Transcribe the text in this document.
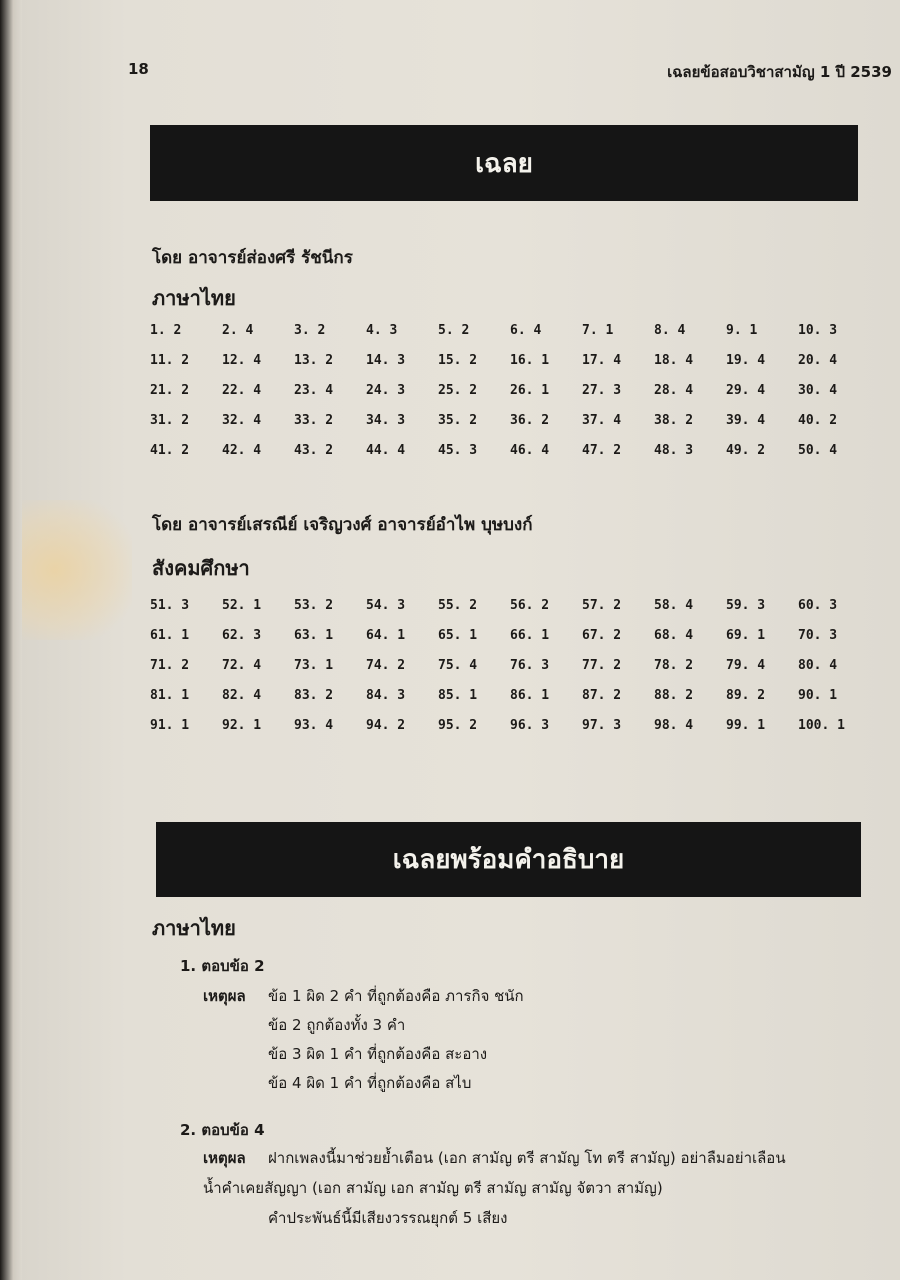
18	เฉลยข้อสอบวิชาสามัญ 1 ปี 2539
เฉลย
โดย อาจารย์ส่องศรี รัชนีกร
ภาษาไทย
1. 2	2. 4	3. 2	4. 3	5. 2	6. 4	7. 1	8. 4	9. 1	10. 3
11. 2	12. 4	13. 2	14. 3	15. 2	16. 1	17. 4	18. 4	19. 4	20. 4
21. 2	22. 4	23. 4	24. 3	25. 2	26. 1	27. 3	28. 4	29. 4	30. 4
31. 2	32. 4	33. 2	34. 3	35. 2	36. 2	37. 4	38. 2	39. 4	40. 2
41. 2	42. 4	43. 2	44. 4	45. 3	46. 4	47. 2	48. 3	49. 2	50. 4
โดย อาจารย์เสรณีย์ เจริญวงศ์ อาจารย์อำไพ บุษบงก์
สังคมศึกษา
51. 3	52. 1	53. 2	54. 3	55. 2	56. 2	57. 2	58. 4	59. 3	60. 3
61. 1	62. 3	63. 1	64. 1	65. 1	66. 1	67. 2	68. 4	69. 1	70. 3
71. 2	72. 4	73. 1	74. 2	75. 4	76. 3	77. 2	78. 2	79. 4	80. 4
81. 1	82. 4	83. 2	84. 3	85. 1	86. 1	87. 2	88. 2	89. 2	90. 1
91. 1	92. 1	93. 4	94. 2	95. 2	96. 3	97. 3	98. 4	99. 1	100. 1
เฉลยพร้อมคำอธิบาย
ภาษาไทย
1. ตอบข้อ 2
เหตุผล ข้อ 1 ผิด 2 คำ ที่ถูกต้องคือ ภารกิจ ชนัก
ข้อ 2 ถูกต้องทั้ง 3 คำ
ข้อ 3 ผิด 1 คำ ที่ถูกต้องคือ สะอาง
ข้อ 4 ผิด 1 คำ ที่ถูกต้องคือ สไบ
2. ตอบข้อ 4
เหตุผล ฝากเพลงนี้มาช่วยย้ำเตือน (เอก สามัญ ตรี สามัญ โท ตรี สามัญ) อย่าลืมอย่าเลือน
น้ำคำเคยสัญญา (เอก สามัญ เอก สามัญ ตรี สามัญ สามัญ จัตวา สามัญ)
คำประพันธ์นี้มีเสียงวรรณยุกต์ 5 เสียง
